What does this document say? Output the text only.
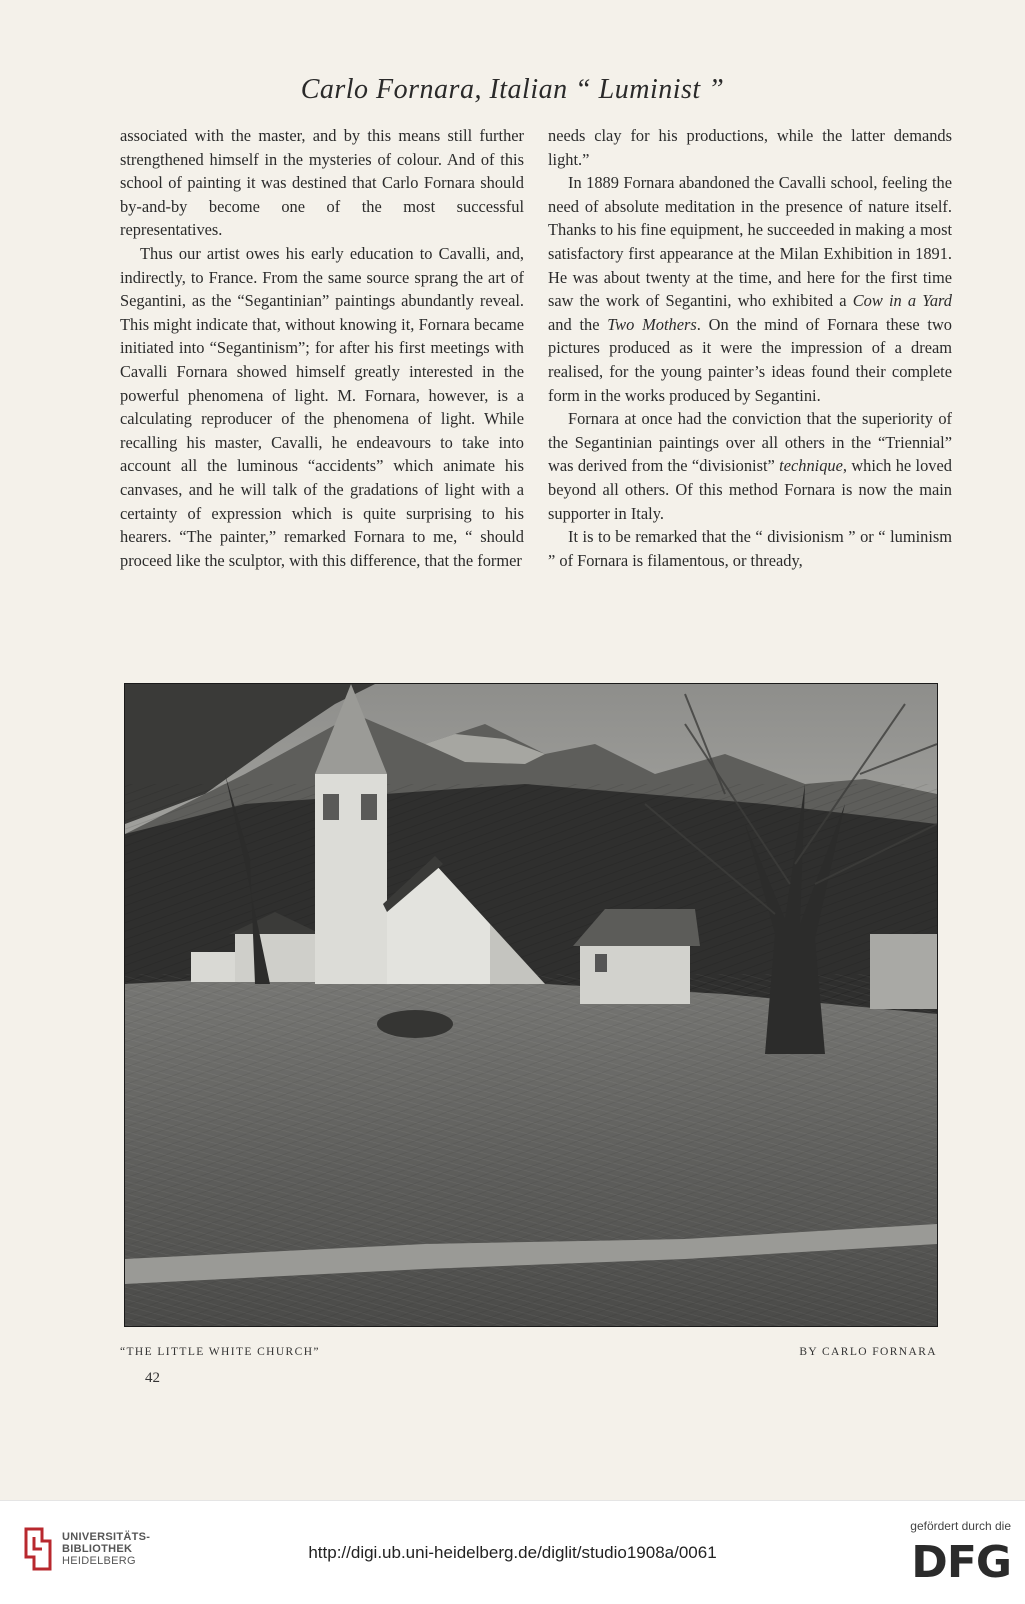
Carlo Fornara, Italian “ Luminist ”

associated with the master, and by this means still further strengthened himself in the mysteries of colour. And of this school of painting it was destined that Carlo Fornara should by-and-by become one of the most successful representatives.

Thus our artist owes his early education to Cavalli, and, indirectly, to France. From the same source sprang the art of Segantini, as the “Segantinian” paintings abundantly reveal. This might indicate that, without knowing it, Fornara became initiated into “Segantinism”; for after his first meetings with Cavalli Fornara showed himself greatly interested in the powerful phenomena of light. M. Fornara, however, is a calculating reproducer of the phenomena of light. While recalling his master, Cavalli, he endeavours to take into account all the luminous “accidents” which animate his canvases, and he will talk of the gradations of light with a certainty of expression which is quite surprising to his hearers. “The painter,” remarked Fornara to me, “ should proceed like the sculptor, with this difference, that the former

needs clay for his productions, while the latter demands light.”

In 1889 Fornara abandoned the Cavalli school, feeling the need of absolute meditation in the presence of nature itself. Thanks to his fine equipment, he succeeded in making a most satisfactory first appearance at the Milan Exhibition in 1891. He was about twenty at the time, and here for the first time saw the work of Segantini, who exhibited a Cow in a Yard and the Two Mothers. On the mind of Fornara these two pictures produced as it were the impression of a dream realised, for the young painter’s ideas found their complete form in the works produced by Segantini.

Fornara at once had the conviction that the superiority of the Segantinian paintings over all others in the “Triennial” was derived from the “divisionist” technique, which he loved beyond all others. Of this method Fornara is now the main supporter in Italy.

It is to be remarked that the “ divisionism ” or “ luminism ” of Fornara is filamentous, or thready,

“THE LITTLE WHITE CHURCH”	BY CARLO FORNARA
42
UNIVERSITÄTS-
BIBLIOTHEK
HEIDELBERG	http://digi.ub.uni-heidelberg.de/diglit/studio1908a/0061
gefördert durch die
DFG
